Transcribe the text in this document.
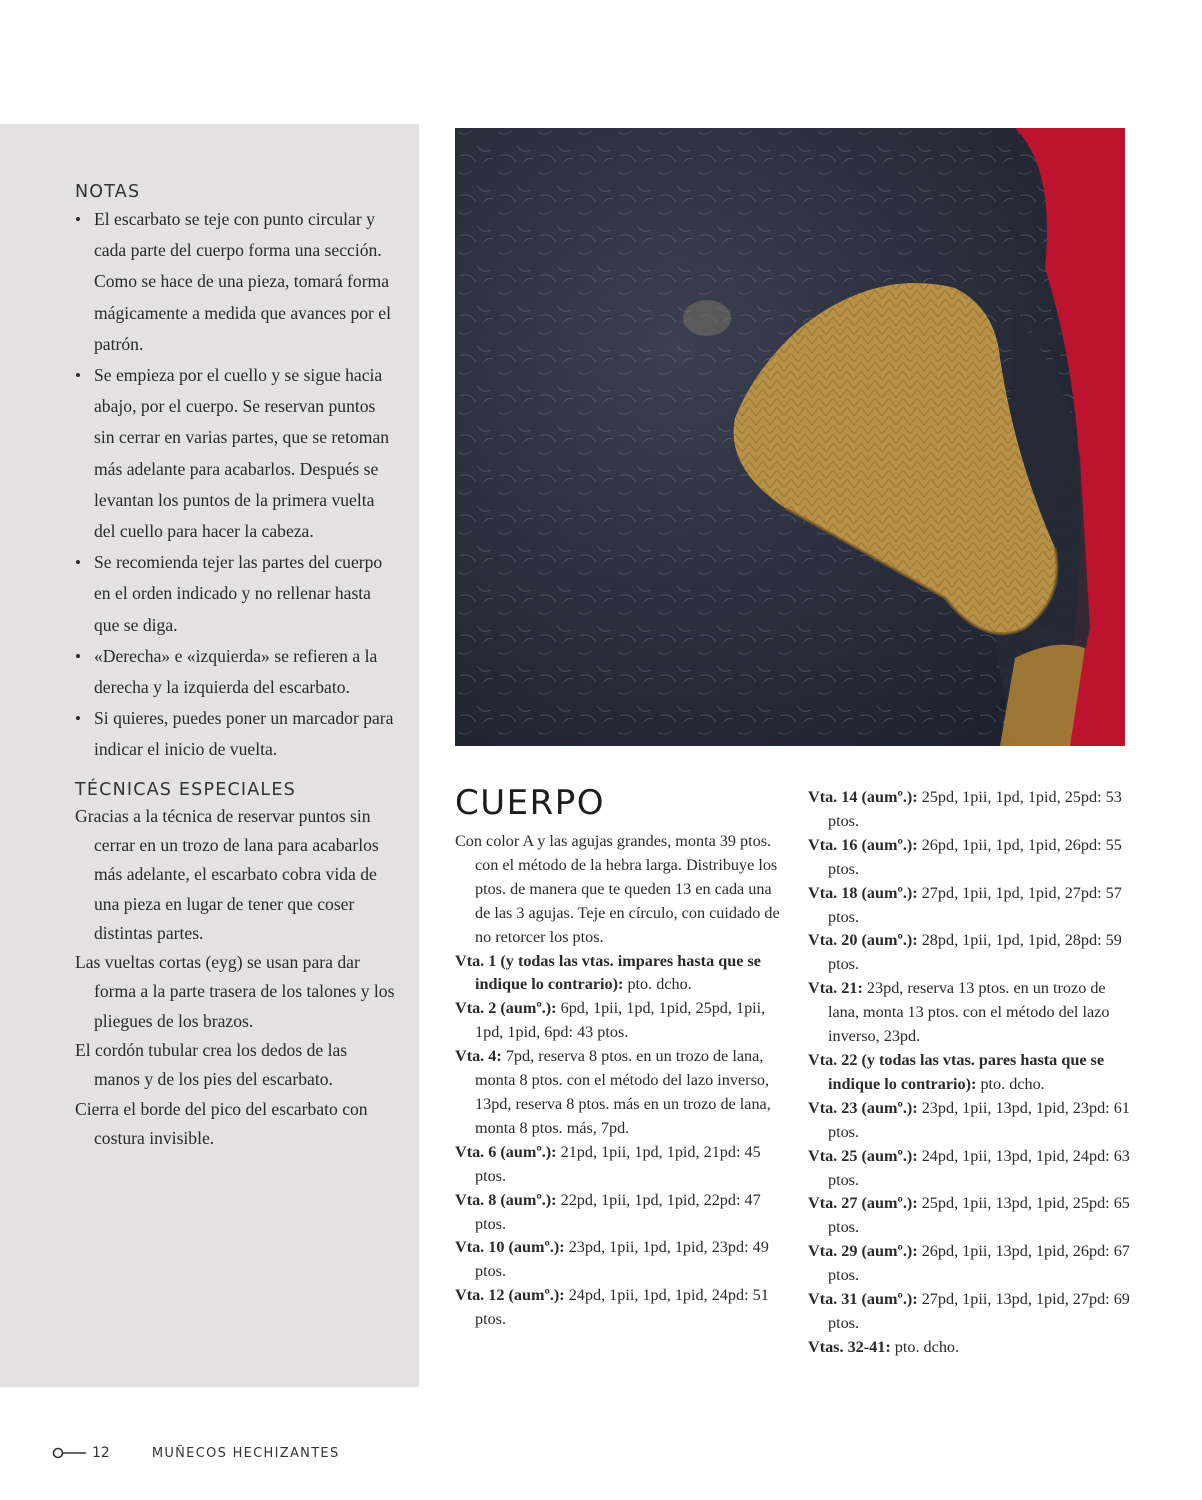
NOTAS
• El escarbato se teje con punto circular y cada parte del cuerpo forma una sección. Como se hace de una pieza, tomará forma mágicamente a medida que avances por el patrón.
• Se empieza por el cuello y se sigue hacia abajo, por el cuerpo. Se reservan puntos sin cerrar en varias partes, que se retoman más adelante para acabarlos. Después se levantan los puntos de la primera vuelta del cuello para hacer la cabeza.
• Se recomienda tejer las partes del cuerpo en el orden indicado y no rellenar hasta que se diga.
• «Derecha» e «izquierda» se refieren a la derecha y la izquierda del escarbato.
• Si quieres, puedes poner un marcador para indicar el inicio de vuelta.
TÉCNICAS ESPECIALES

Gracias a la técnica de reservar puntos sin cerrar en un trozo de lana para acabarlos más adelante, el escarbato cobra vida de una pieza en lugar de tener que coser distintas partes.

Las vueltas cortas (eyg) se usan para dar forma a la parte trasera de los talones y los pliegues de los brazos.

El cordón tubular crea los dedos de las manos y de los pies del escarbato.

Cierra el borde del pico del escarbato con costura invisible.

CUERPO

Con color A y las agujas grandes, monta 39 ptos. con el método de la hebra larga. Distribuye los ptos. de manera que te queden 13 en cada una de las 3 agujas. Teje en círculo, con cuidado de no retorcer los ptos.

Vta. 1 (y todas las vtas. impares hasta que se indique lo contrario): pto. dcho.

Vta. 2 (aumº.): 6pd, 1pii, 1pd, 1pid, 25pd, 1pii, 1pd, 1pid, 6pd: 43 ptos.

Vta. 4: 7pd, reserva 8 ptos. en un trozo de lana, monta 8 ptos. con el método del lazo inverso, 13pd, reserva 8 ptos. más en un trozo de lana, monta 8 ptos. más, 7pd.

Vta. 6 (aumº.): 21pd, 1pii, 1pd, 1pid, 21pd: 45 ptos.

Vta. 8 (aumº.): 22pd, 1pii, 1pd, 1pid, 22pd: 47 ptos.

Vta. 10 (aumº.): 23pd, 1pii, 1pd, 1pid, 23pd: 49 ptos.

Vta. 12 (aumº.): 24pd, 1pii, 1pd, 1pid, 24pd: 51 ptos.

Vta. 14 (aumº.): 25pd, 1pii, 1pd, 1pid, 25pd: 53 ptos.

Vta. 16 (aumº.): 26pd, 1pii, 1pd, 1pid, 26pd: 55 ptos.

Vta. 18 (aumº.): 27pd, 1pii, 1pd, 1pid, 27pd: 57 ptos.

Vta. 20 (aumº.): 28pd, 1pii, 1pd, 1pid, 28pd: 59 ptos.

Vta. 21: 23pd, reserva 13 ptos. en un trozo de lana, monta 13 ptos. con el método del lazo inverso, 23pd.

Vta. 22 (y todas las vtas. pares hasta que se indique lo contrario): pto. dcho.

Vta. 23 (aumº.): 23pd, 1pii, 13pd, 1pid, 23pd: 61 ptos.

Vta. 25 (aumº.): 24pd, 1pii, 13pd, 1pid, 24pd: 63 ptos.

Vta. 27 (aumº.): 25pd, 1pii, 13pd, 1pid, 25pd: 65 ptos.

Vta. 29 (aumº.): 26pd, 1pii, 13pd, 1pid, 26pd: 67 ptos.

Vta. 31 (aumº.): 27pd, 1pii, 13pd, 1pid, 27pd: 69 ptos.

Vtas. 32-41: pto. dcho.

12	MUÑECOS HECHIZANTES
